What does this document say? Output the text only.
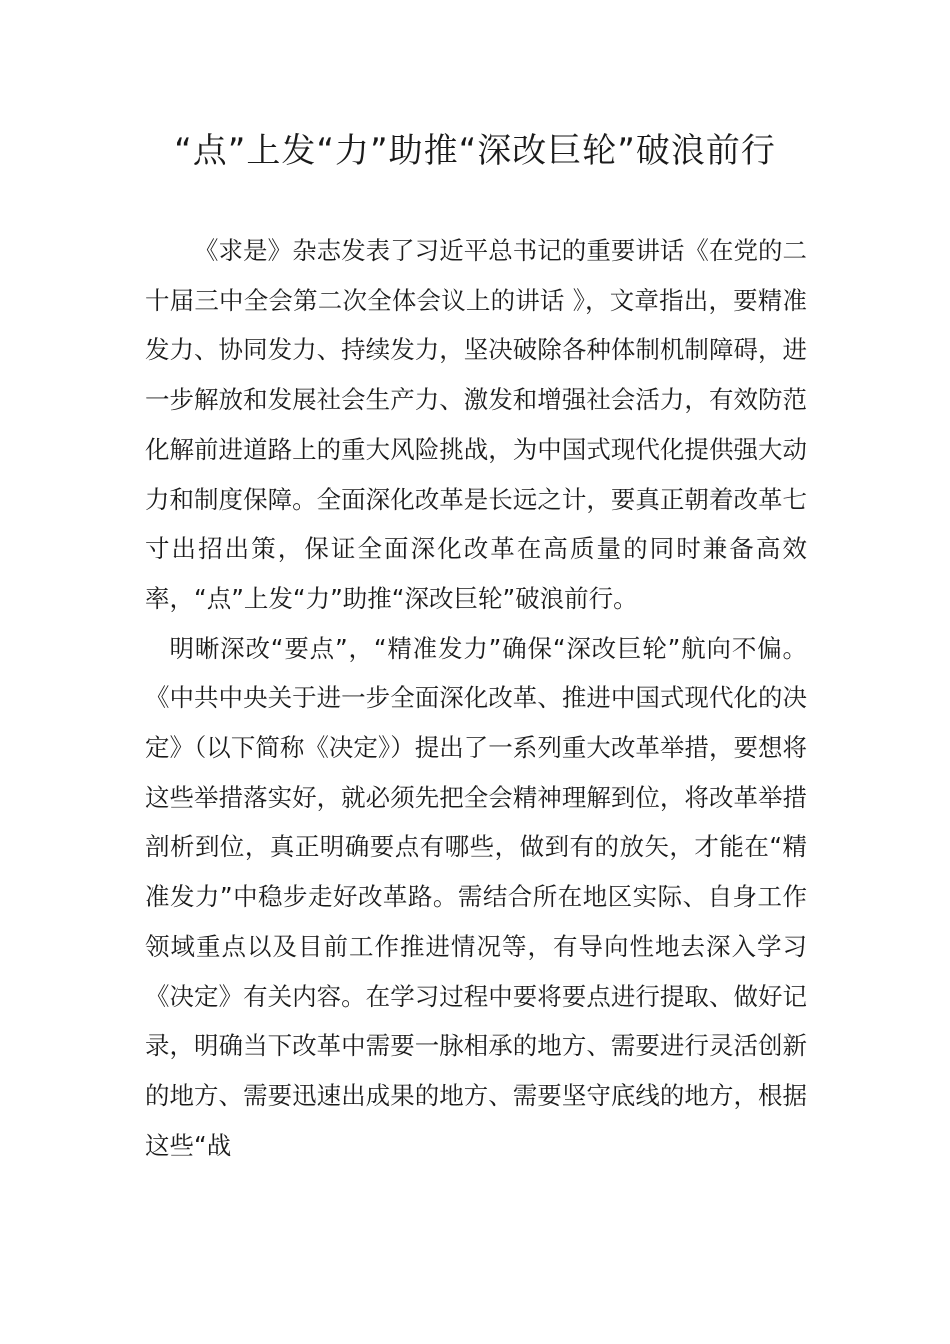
“点”上发“力”助推“深改巨轮”破浪前行

《求是》杂志发表了习近平总书记的重要讲话《在党的二十届三中全会第二次全体会议上的讲话 》，文章指出，要精准发力、协同发力、持续发力，坚决破除各种体制机制障碍，进一步解放和发展社会生产力、激发和增强社会活力，有效防范化解前进道路上的重大风险挑战，为中国式现代化提供强大动力和制度保障。全面深化改革是长远之计，要真正朝着改革七寸出招出策，保证全面深化改革在高质量的同时兼备高效率，“点”上发“力”助推“深改巨轮”破浪前行。

明晰深改“要点”，“精准发力”确保“深改巨轮”航向不偏。《中共中央关于进一步全面深化改革、推进中国式现代化的决定》（以下简称《决定》）提出了一系列重大改革举措，要想将这些举措落实好，就必须先把全会精神理解到位，将改革举措剖析到位，真正明确要点有哪些，做到有的放矢，才能在“精准发力”中稳步走好改革路。需结合所在地区实际、自身工作领域重点以及目前工作推进情况等，有导向性地去深入学习《决定》有关内容。在学习过程中要将要点进行提取、做好记录，明确当下改革中需要一脉相承的地方、需要进行灵活创新的地方、需要迅速出成果的地方、需要坚守底线的地方，根据这些“战
